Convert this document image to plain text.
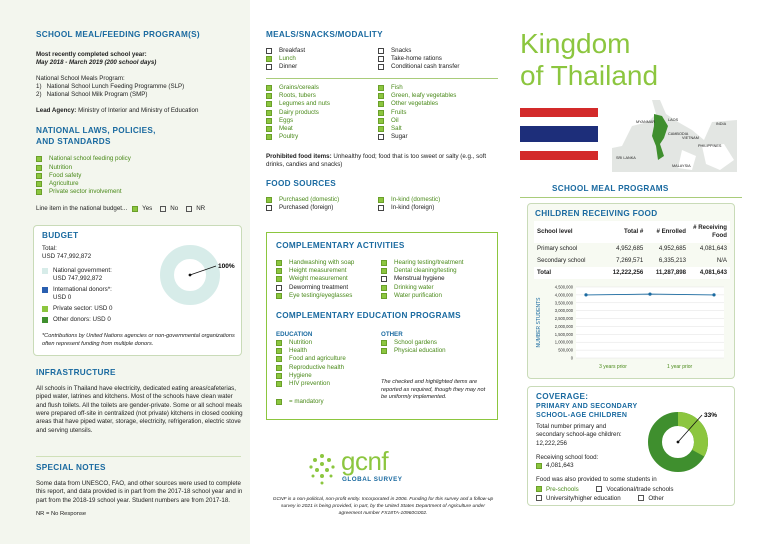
SCHOOL MEAL/FEEDING PROGRAM(S)
Most recently completed school year:
May 2018 - March 2019 (200 school days)
National School Meals Program:
1)   National School Lunch Feeding Programme (SLP)
2)   National School Milk Program (SMP)
Lead Agency: Ministry of Interior and Ministry of Education
NATIONAL LAWS, POLICIES,
AND STANDARDS
National school feeding policy
Nutrition
Food safety
Agriculture
Private sector involvement
Line item in the national budget... Yes	No	NR
BUDGET
Total:
USD 747,992,872
National government:
USD 747,992,872
International donors*:
USD 0
Private sector: USD 0
Other donors: USD 0
100%
*Contributions by United Nations agencies or non-governmental organizations often represent funding from multiple donors.
INFRASTRUCTURE
All schools in Thailand have electricity, dedicated eating areas/cafeterias, piped water, latrines and kitchens. Most of the schools have clean water and flush toilets. All the toilets are gender-private. Some or all school meals were prepared off-site in centralized (not private) kitchens in closed cooking areas that have piped water, storage, electricity, refrigeration, electric stove and serving utensils.
SPECIAL NOTES
Some data from UNESCO, FAO, and other sources were used to complete this report, and data provided is in part from the 2017-18 school year and in part from the 2018-19 school year. Student numbers are from 2017-18.
NR = No Response
MEALS/SNACKS/MODALITY
Breakfast
Lunch
Dinner
Snacks
Take-home rations
Conditional cash transfer
Grains/cereals
Roots, tubers
Legumes and nuts
Dairy products
Eggs
Meat
Poultry
Fish
Green, leafy vegetables
Other vegetables
Fruits
Oil
Salt
Sugar
Prohibited food items: Unhealthy food; food that is too sweet or salty (e.g., soft drinks, candies and snacks)
FOOD SOURCES
Purchased (domestic)
Purchased (foreign)
In-kind (domestic)
In-kind (foreign)
COMPLEMENTARY ACTIVITIES
Handwashing with soap
Height measurement
Weight measurement
Deworming treatment
Eye testing/eyeglasses
Hearing testing/treatment
Dental cleaning/testing
Menstrual hygiene
Drinking water
Water purification
COMPLEMENTARY EDUCATION PROGRAMS
EDUCATION	OTHER
Nutrition
Health
Food and agriculture
Reproductive health
Hygiene
HIV prevention
School gardens
Physical education
The checked and highlighted items are reported as required, though they may not be uniformly implemented.
= mandatory
gcnf
GLOBAL SURVEY
GCNF is a non-political, non-profit entity. Incorporated in 2006. Funding for this survey and a follow-up survey in 2021 is being provided, in part, by the United States Department of Agriculture under agreement number FX18TA-10960G002.
Kingdom
of Thailand
MYANMAR	LAOS
VIETNAM
CAMBODIA
PHILIPPINES
SRI LANKA
MALAYSIA
INDIA
SCHOOL MEAL PROGRAMS
CHILDREN RECEIVING FOOD
School level	Total #	# Enrolled	# Receiving Food
Primary school	4,952,685	4,952,685	4,081,643
Secondary school	7,269,571	6,335,213	N/A
Total	12,222,256	11,287,898	4,081,643
0
500,000
1,000,000
1,500,000
2,000,000
2,500,000
3,000,000
3,500,000
4,000,000
4,500,000
NUMBER STUDENTS
3 years prior	1 year prior
COVERAGE:
PRIMARY AND SECONDARY
SCHOOL-AGE CHILDREN
Total number primary and secondary school-age children: 12,222,256
Receiving school food:
4,081,643
33%
Food was also provided to some students in
Pre-schools	Vocational/trade schools
University/higher education	Other
